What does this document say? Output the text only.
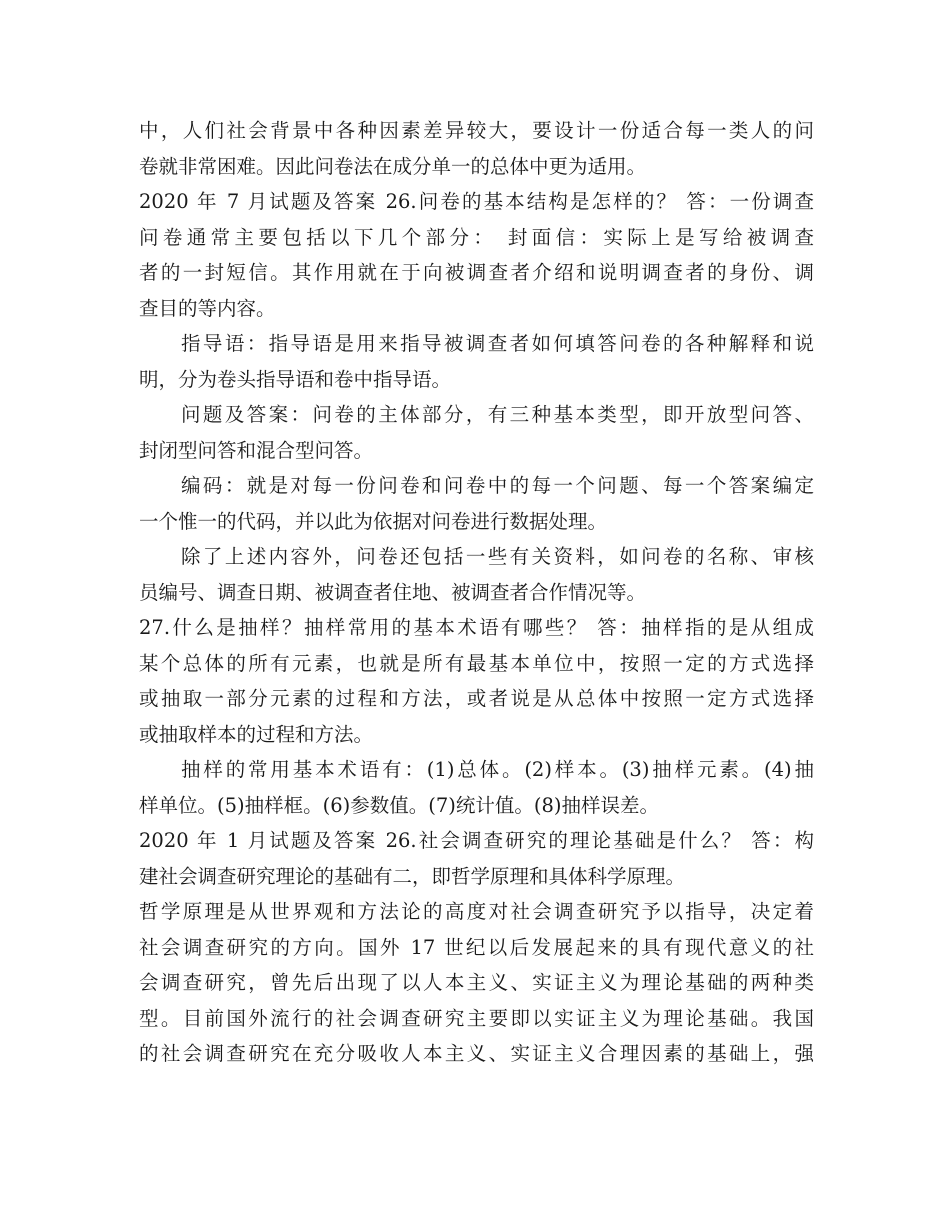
中，人们社会背景中各种因素差异较大，要设计一份适合每一类人的问
卷就非常困难。因此问卷法在成分单一的总体中更为适用。
2020 年 7 月试题及答案 26.问卷的基本结构是怎样的？ 答：一份调查
问卷通常主要包括以下几个部分： 封面信：实际上是写给被调查
者的一封短信。其作用就在于向被调查者介绍和说明调查者的身份、调
查目的等内容。
指导语：指导语是用来指导被调查者如何填答问卷的各种解释和说
明，分为卷头指导语和卷中指导语。
问题及答案：问卷的主体部分，有三种基本类型，即开放型问答、
封闭型问答和混合型问答。
编码：就是对每一份问卷和问卷中的每一个问题、每一个答案编定
一个惟一的代码，并以此为依据对问卷进行数据处理。
除了上述内容外，问卷还包括一些有关资料，如问卷的名称、审核
员编号、调查日期、被调查者住地、被调查者合作情况等。
27.什么是抽样？抽样常用的基本术语有哪些？ 答：抽样指的是从组成
某个总体的所有元素，也就是所有最基本单位中，按照一定的方式选择
或抽取一部分元素的过程和方法，或者说是从总体中按照一定方式选择
或抽取样本的过程和方法。
抽样的常用基本术语有：(1)总体。(2)样本。(3)抽样元素。(4)抽
样单位。(5)抽样框。(6)参数值。(7)统计值。(8)抽样误差。
2020 年 1 月试题及答案 26.社会调查研究的理论基础是什么？ 答：构
建社会调查研究理论的基础有二，即哲学原理和具体科学原理。
哲学原理是从世界观和方法论的高度对社会调查研究予以指导，决定着
社会调查研究的方向。国外 17 世纪以后发展起来的具有现代意义的社
会调查研究，曾先后出现了以人本主义、实证主义为理论基础的两种类
型。目前国外流行的社会调查研究主要即以实证主义为理论基础。我国
的社会调查研究在充分吸收人本主义、实证主义合理因素的基础上，强
